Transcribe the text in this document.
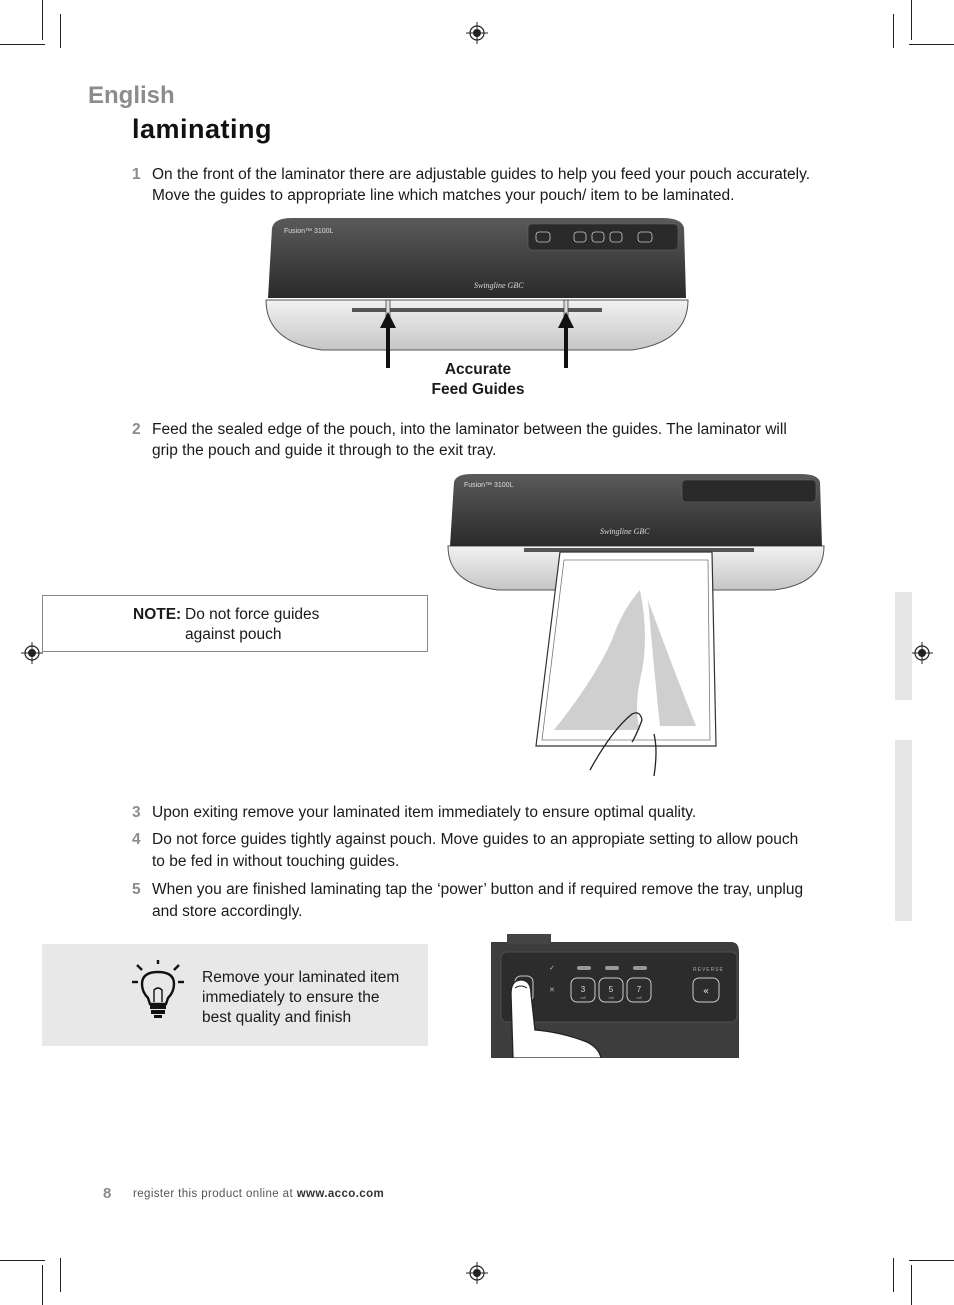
English
laminating
1 On the front of the laminator there are adjustable guides to help you feed your pouch accurately.
Move the guides to appropriate line which matches your pouch/ item to be laminated.
Fusion™ 3100L
Swingline GBC
Accurate
Feed Guides
2 Feed the sealed edge of the pouch, into the laminator between the guides. The laminator will
grip the pouch and guide it through to the exit tray.
Fusion™ 3100L
Swingline GBC
NOTE: Do not force guides
against pouch
3 Upon exiting remove your laminated item immediately to ensure optimal quality.
4 Do not force guides tightly against pouch. Move guides to an appropiate setting to allow pouch
to be fed in without touching guides.
5 When you are finished laminating tap the ‘power’ button and if required remove the tray, unplug
and store accordingly.
Remove your laminated item
immediately to ensure the
best quality and finish
✓
✕	3	5	7
mil	mil	mil
REVERSE
«
8 register this product online at www.acco.com
